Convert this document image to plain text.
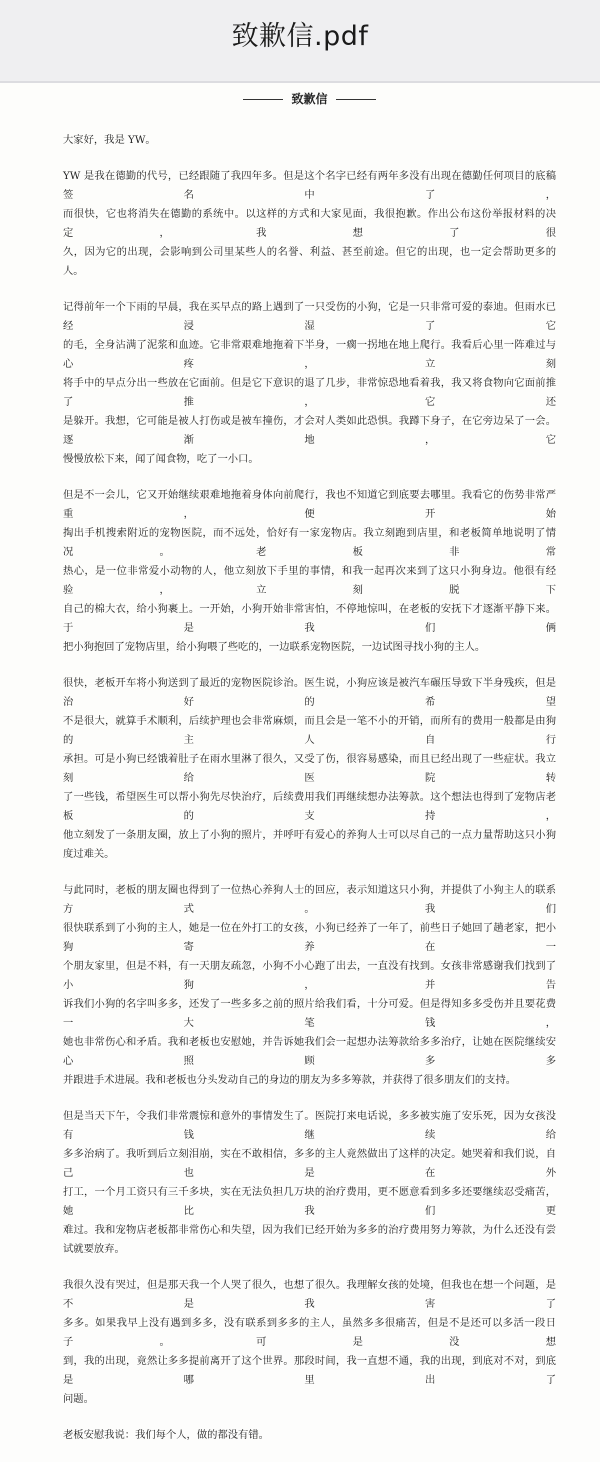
致歉信.pdf
致歉信
大家好，我是 YW。
YW 是我在德勤的代号，已经跟随了我四年多。但是这个名字已经有两年多没有出现在德勤任何项目的底稿签名中了，
而很快，它也将消失在德勤的系统中。以这样的方式和大家见面，我很抱歉。作出公布这份举报材料的决定，我想了很
久，因为它的出现，会影响到公司里某些人的名誉、利益、甚至前途。但它的出现，也一定会帮助更多的人。
记得前年一个下雨的早晨，我在买早点的路上遇到了一只受伤的小狗，它是一只非常可爱的泰迪。但雨水已经浸湿了它
的毛，全身沾满了泥浆和血迹。它非常艰难地拖着下半身，一瘸一拐地在地上爬行。我看后心里一阵难过与心疼，立刻
将手中的早点分出一些放在它面前。但是它下意识的退了几步，非常惊恐地看着我，我又将食物向它面前推了推，它还
是躲开。我想，它可能是被人打伤或是被车撞伤，才会对人类如此恐惧。我蹲下身子，在它旁边呆了一会。逐渐地，它
慢慢放松下来，闻了闻食物，吃了一小口。
但是不一会儿，它又开始继续艰难地拖着身体向前爬行，我也不知道它到底要去哪里。我看它的伤势非常严重，便开始
掏出手机搜索附近的宠物医院，而不远处，恰好有一家宠物店。我立刻跑到店里，和老板简单地说明了情况。老板非常
热心，是一位非常爱小动物的人，他立刻放下手里的事情，和我一起再次来到了这只小狗身边。他很有经验，立刻脱下
自己的棉大衣，给小狗裹上。一开始，小狗开始非常害怕，不停地惊叫，在老板的安抚下才逐渐平静下来。于是我们俩
把小狗抱回了宠物店里，给小狗喂了些吃的，一边联系宠物医院，一边试图寻找小狗的主人。
很快，老板开车将小狗送到了最近的宠物医院诊治。医生说，小狗应该是被汽车碾压导致下半身残疾，但是治好的希望
不是很大，就算手术顺利，后续护理也会非常麻烦，而且会是一笔不小的开销，而所有的费用一般都是由狗的主人自行
承担。可是小狗已经饿着肚子在雨水里淋了很久，又受了伤，很容易感染，而且已经出现了一些症状。我立刻给医院转
了一些钱，希望医生可以帮小狗先尽快治疗，后续费用我们再继续想办法筹款。这个想法也得到了宠物店老板的支持，
他立刻发了一条朋友圈，放上了小狗的照片，并呼吁有爱心的养狗人士可以尽自己的一点力量帮助这只小狗度过难关。
与此同时，老板的朋友圈也得到了一位热心养狗人士的回应，表示知道这只小狗，并提供了小狗主人的联系方式。我们
很快联系到了小狗的主人，她是一位在外打工的女孩，小狗已经养了一年了，前些日子她回了趟老家，把小狗寄养在一
个朋友家里，但是不料，有一天朋友疏忽，小狗不小心跑了出去，一直没有找到。女孩非常感谢我们找到了小狗，并告
诉我们小狗的名字叫多多，还发了一些多多之前的照片给我们看，十分可爱。但是得知多多受伤并且要花费一大笔钱，
她也非常伤心和矛盾。我和老板也安慰她，并告诉她我们会一起想办法筹款给多多治疗，让她在医院继续安心照顾多多
并跟进手术进展。我和老板也分头发动自己的身边的朋友为多多筹款，并获得了很多朋友们的支持。
但是当天下午，令我们非常震惊和意外的事情发生了。医院打来电话说，多多被实施了安乐死，因为女孩没有钱继续给
多多治病了。我听到后立刻泪崩，实在不敢相信，多多的主人竟然做出了这样的决定。她哭着和我们说，自己也是在外
打工，一个月工资只有三千多块，实在无法负担几万块的治疗费用，更不愿意看到多多还要继续忍受痛苦，她比我们更
难过。我和宠物店老板都非常伤心和失望，因为我们已经开始为多多的治疗费用努力筹款，为什么还没有尝试就要放弃。
我很久没有哭过，但是那天我一个人哭了很久，也想了很久。我理解女孩的处境，但我也在想一个问题，是不是我害了
多多。如果我早上没有遇到多多，没有联系到多多的主人，虽然多多很痛苦，但是不是还可以多活一段日子。可是没想
到，我的出现，竟然让多多提前离开了这个世界。那段时间，我一直想不通，我的出现，到底对不对，到底是哪里出了
问题。
老板安慰我说：我们每个人，做的都没有错。
